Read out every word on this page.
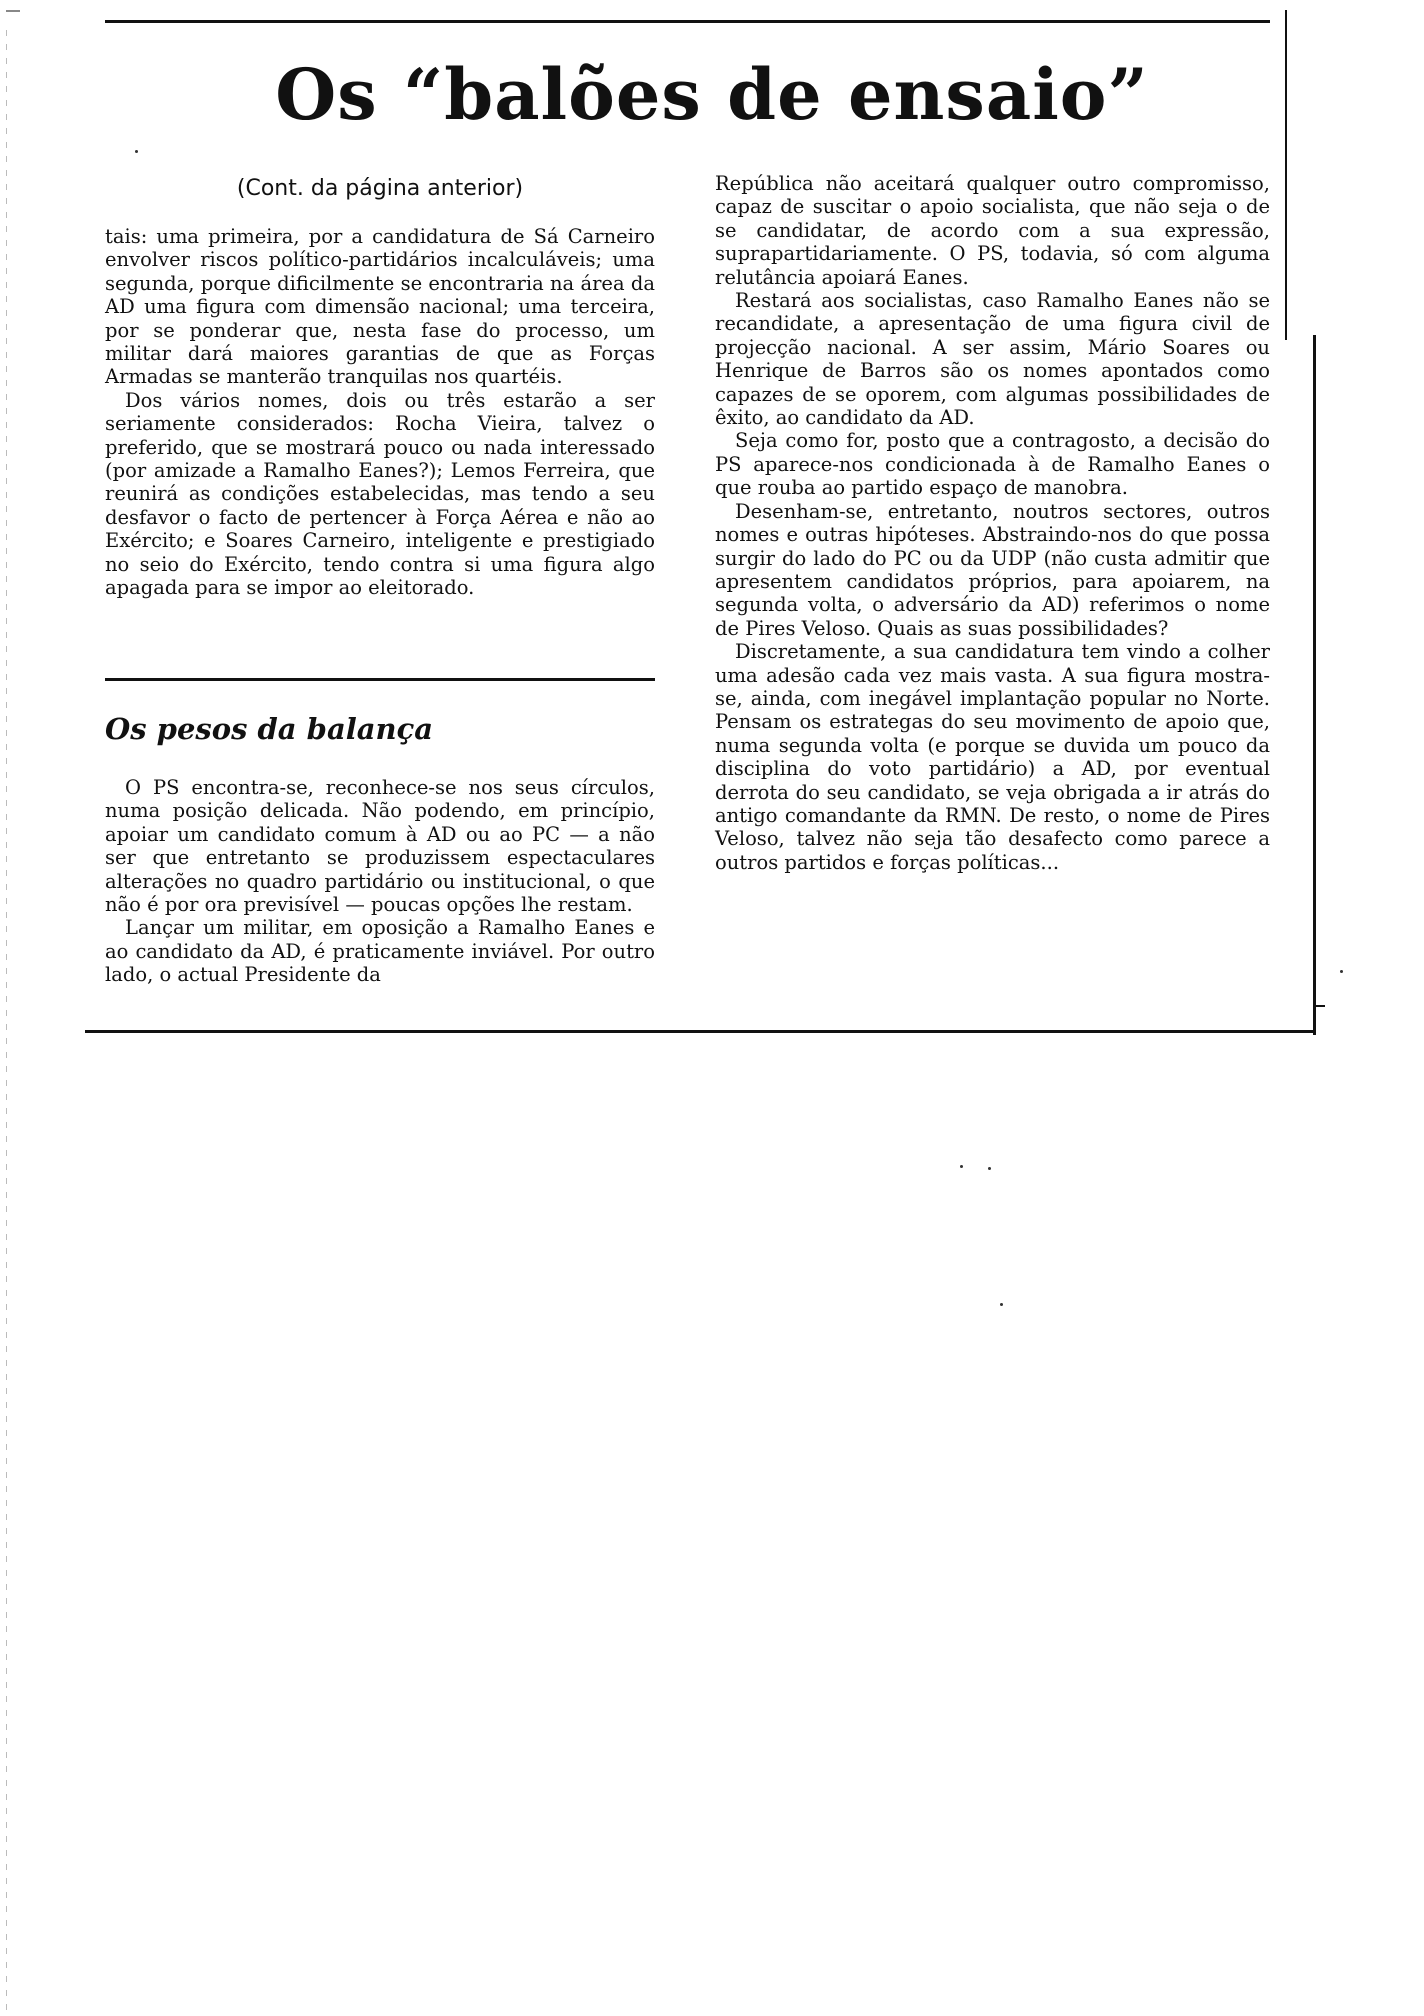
Os “balões de ensaio”
(Cont. da página anterior)

tais: uma primeira, por a candidatura de Sá Carneiro envolver riscos político-partidários incalculáveis; uma segunda, porque dificilmente se encontraria na área da AD uma figura com dimensão nacional; uma terceira, por se ponderar que, nesta fase do processo, um militar dará maiores garantias de que as Forças Armadas se manterão tranquilas nos quartéis.

Dos vários nomes, dois ou três estarão a ser seriamente considerados: Rocha Vieira, talvez o preferido, que se mostrará pouco ou nada interessado (por amizade a Ramalho Eanes?); Lemos Ferreira, que reunirá as condições estabelecidas, mas tendo a seu desfavor o facto de pertencer à Força Aérea e não ao Exército; e Soares Carneiro, inteligente e prestigiado no seio do Exército, tendo contra si uma figura algo apagada para se impor ao eleitorado.

Os pesos da balança

O PS encontra-se, reconhece-se nos seus círculos, numa posição delicada. Não podendo, em princípio, apoiar um candidato comum à AD ou ao PC — a não ser que entretanto se produzissem espectaculares alterações no quadro partidário ou institucional, o que não é por ora previsível — poucas opções lhe restam.

Lançar um militar, em oposição a Ramalho Eanes e ao candidato da AD, é praticamente inviável. Por outro lado, o actual Presidente da

República não aceitará qualquer outro compromisso, capaz de suscitar o apoio socialista, que não seja o de se candidatar, de acordo com a sua expressão, suprapartidariamente. O PS, todavia, só com alguma relutância apoiará Eanes.

Restará aos socialistas, caso Ramalho Eanes não se recandidate, a apresentação de uma figura civil de projecção nacional. A ser assim, Mário Soares ou Henrique de Barros são os nomes apontados como capazes de se oporem, com algumas possibilidades de êxito, ao candidato da AD.

Seja como for, posto que a contragosto, a decisão do PS aparece-nos condicionada à de Ramalho Eanes o que rouba ao partido espaço de manobra.

Desenham-se, entretanto, noutros sectores, outros nomes e outras hipóteses. Abstraindo-nos do que possa surgir do lado do PC ou da UDP (não custa admitir que apresentem candidatos próprios, para apoiarem, na segunda volta, o adversário da AD) referimos o nome de Pires Veloso. Quais as suas possibilidades?

Discretamente, a sua candidatura tem vindo a colher uma adesão cada vez mais vasta. A sua figura mostra-se, ainda, com inegável implantação popular no Norte. Pensam os estrategas do seu movimento de apoio que, numa segunda volta (e porque se duvida um pouco da disciplina do voto partidário) a AD, por eventual derrota do seu candidato, se veja obrigada a ir atrás do antigo comandante da RMN. De resto, o nome de Pires Veloso, talvez não seja tão desafecto como parece a outros partidos e forças políticas...
